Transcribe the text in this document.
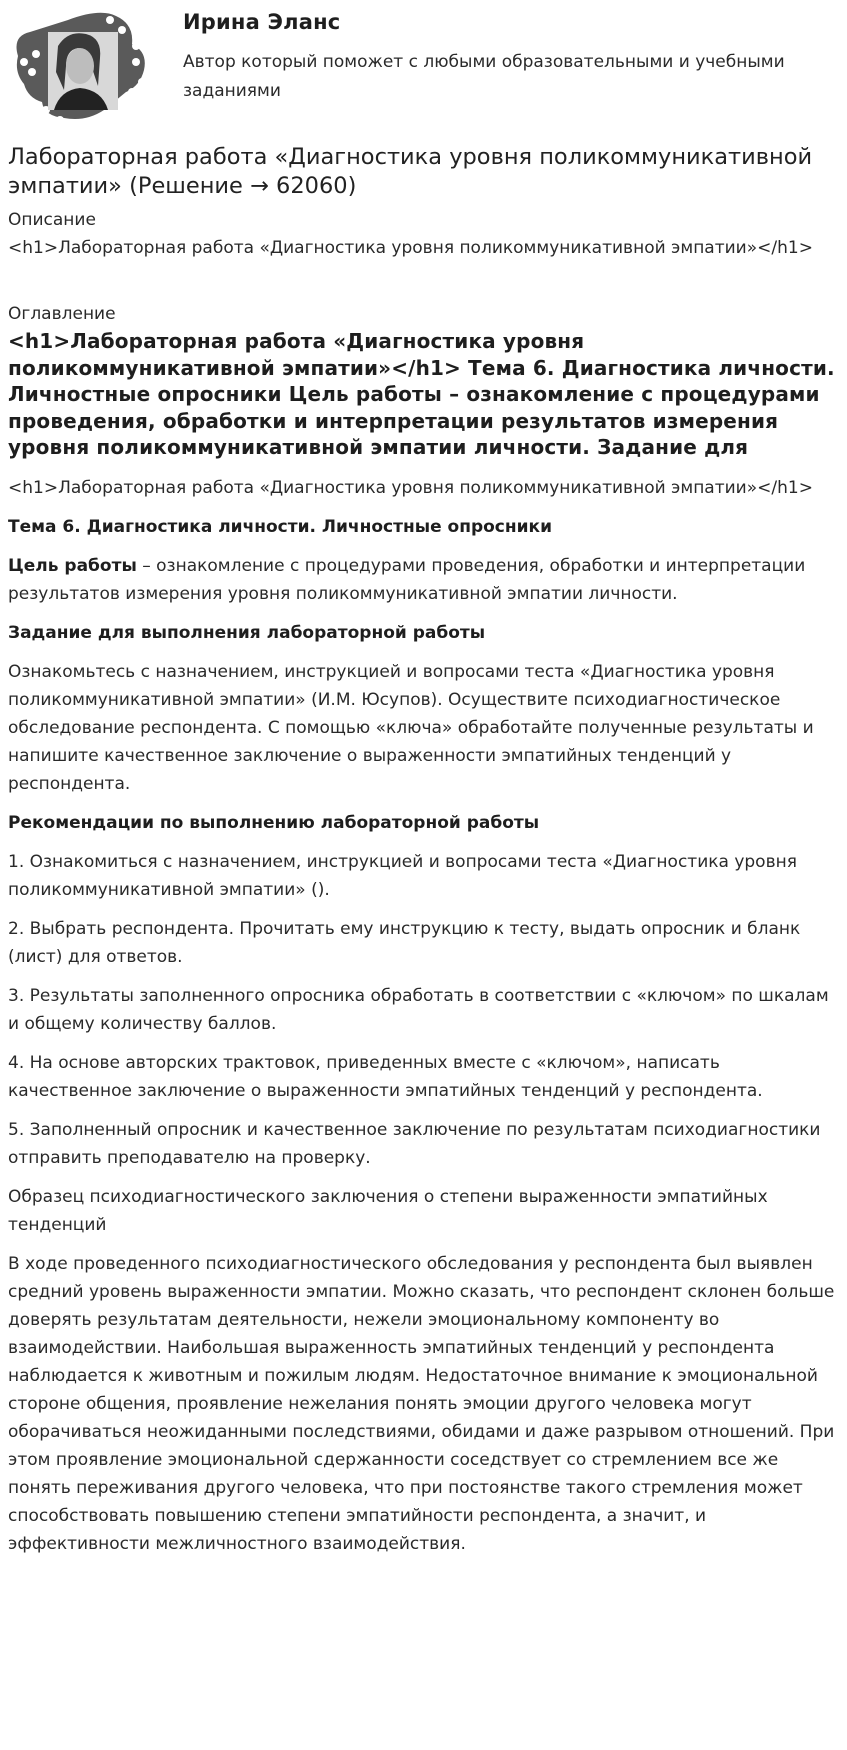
Ирина Эланс
Автор который поможет с любыми образовательными и учебными заданиями
Лабораторная работа «Диагностика уровня поликоммуникативной эмпатии» (Решение → 62060)

Описание

<h1>Лабораторная работа «Диагностика уровня поликоммуникативной эмпатии»</h1>

Оглавление

<h1>Лабораторная работа «Диагностика уровня поликоммуникативной эмпатии»</h1> Тема 6. Диагностика личности. Личностные опросники Цель работы – ознакомление с процедурами проведения, обработки и интерпретации результатов измерения уровня поликоммуникативной эмпатии личности. Задание для

<h1>Лабораторная работа «Диагностика уровня поликоммуникативной эмпатии»</h1>

Тема 6. Диагностика личности. Личностные опросники

Цель работы – ознакомление с процедурами проведения, обработки и интерпретации результатов измерения уровня поликоммуникативной эмпатии личности.

Задание для выполнения лабораторной работы

Ознакомьтесь с назначением, инструкцией и вопросами теста «Диагностика уровня поликоммуникативной эмпатии» (И.М. Юсупов). Осуществите психодиагностическое обследование респондента. С помощью «ключа» обработайте полученные результаты и напишите качественное заключение о выраженности эмпатийных тенденций у респондента.

Рекомендации по выполнению лабораторной работы

1. Ознакомиться с назначением, инструкцией и вопросами теста «Диагностика уровня поликоммуникативной эмпатии» ().

2. Выбрать респондента. Прочитать ему инструкцию к тесту, выдать опросник и бланк (лист) для ответов.

3. Результаты заполненного опросника обработать в соответствии с «ключом» по шкалам и общему количеству баллов.

4. На основе авторских трактовок, приведенных вместе с «ключом», написать качественное заключение о выраженности эмпатийных тенденций у респондента.

5. Заполненный опросник и качественное заключение по результатам психодиагностики отправить преподавателю на проверку.

Образец психодиагностического заключения о степени выраженности эмпатийных тенденций

В ходе проведенного психодиагностического обследования у респондента был выявлен средний уровень выраженности эмпатии. Можно сказать, что респондент склонен больше доверять результатам деятельности, нежели эмоциональному компоненту во взаимодействии. Наибольшая выраженность эмпатийных тенденций у респондента наблюдается к животным и пожилым людям. Недостаточное внимание к эмоциональной стороне общения, проявление нежелания понять эмоции другого человека могут оборачиваться неожиданными последствиями, обидами и даже разрывом отношений. При этом проявление эмоциональной сдержанности соседствует со стремлением все же понять переживания другого человека, что при постоянстве такого стремления может способствовать повышению степени эмпатийности респондента, а значит, и эффективности межличностного взаимодействия.
